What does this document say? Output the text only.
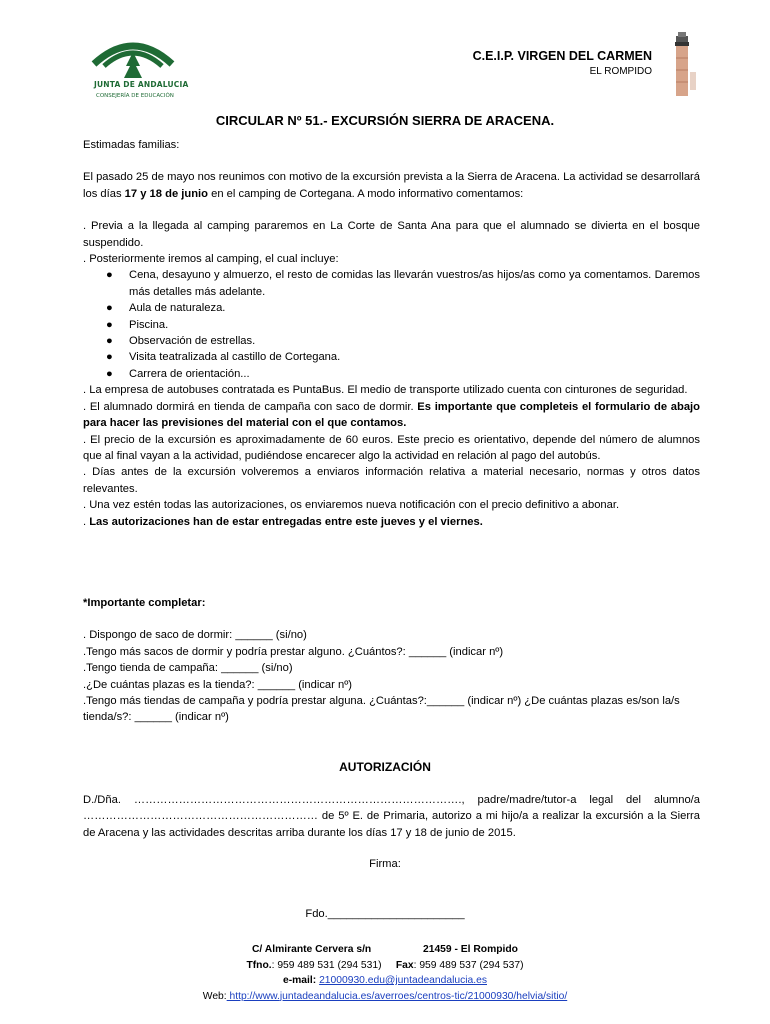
JUNTA DE ANDALUCIA
CONSEJERÍA DE EDUCACIÓN
C.E.I.P. VIRGEN DEL CARMEN
EL ROMPIDO
CIRCULAR Nº 51.- EXCURSIÓN SIERRA DE ARACENA.

Estimadas familias:

El pasado 25 de mayo nos reunimos con motivo de la excursión prevista a la Sierra de Aracena. La actividad se desarrollará los días 17 y 18 de junio en el camping de Cortegana. A modo informativo comentamos:

. Previa a la llegada al camping pararemos en La Corte de Santa Ana para que el alumnado se divierta en el bosque suspendido.

. Posteriormente iremos al camping, el cual incluye:

● Cena, desayuno y almuerzo, el resto de comidas las llevarán vuestros/as hijos/as como ya comentamos. Daremos más detalles más adelante.
● Aula de naturaleza.
● Piscina.
● Observación de estrellas.
● Visita teatralizada al castillo de Cortegana.
● Carrera de orientación...

. La empresa de autobuses contratada es PuntaBus. El medio de transporte utilizado cuenta con cinturones de seguridad.

. El alumnado dormirá en tienda de campaña con saco de dormir. Es importante que completeis el formulario de abajo para hacer las previsiones del material con el que contamos.

. El precio de la excursión es aproximadamente de 60 euros. Este precio es orientativo, depende del número de alumnos que al final vayan a la actividad, pudiéndose encarecer algo la actividad en relación al pago del autobús.

. Días antes de la excursión volveremos a enviaros información relativa a material necesario, normas y otros datos relevantes.

. Una vez estén todas las autorizaciones, os enviaremos nueva notificación con el precio definitivo a abonar.

. Las autorizaciones han de estar entregadas entre este jueves y el viernes.

*Importante completar:

. Dispongo de saco de dormir: ______ (si/no)

.Tengo más sacos de dormir y podría prestar alguno. ¿Cuántos?: ______ (indicar nº)

.Tengo tienda de campaña: ______ (si/no)

.¿De cuántas plazas es la tienda?: ______ (indicar nº)

.Tengo más tiendas de campaña y podría prestar alguna. ¿Cuántas?:______ (indicar nº) ¿De cuántas plazas es/son la/s tienda/s?: ______ (indicar nº)

AUTORIZACIÓN

D./Dña. ……………………………………………………………………………., padre/madre/tutor-a legal del alumno/a ……………………………………………………… de 5º E. de Primaria, autorizo a mi hijo/a a realizar la excursión a la Sierra de Aracena y las actividades descritas arriba durante los días 17 y 18 de junio de 2015.

Firma:
Fdo.______________________
C/ Almirante Cervera s/n	21459 - El Rompido
Tfno.: 959 489 531 (294 531) Fax: 959 489 537 (294 537)
e-mail: 21000930.edu@juntadeandalucia.es
Web: http://www.juntadeandalucia.es/averroes/centros-tic/21000930/helvia/sitio/
